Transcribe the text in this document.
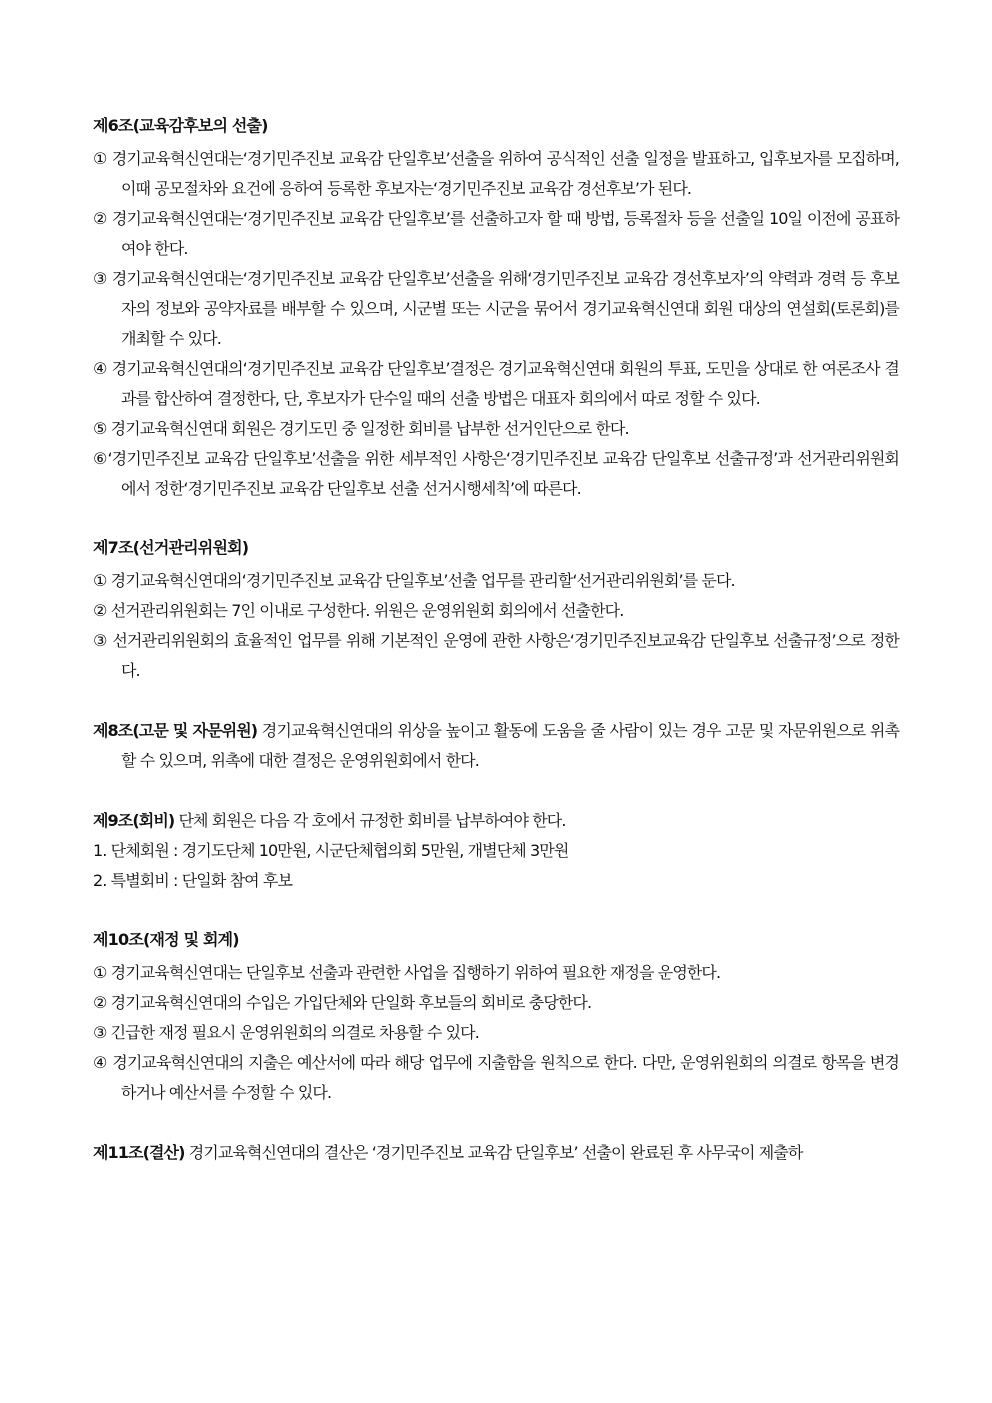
제6조(교육감후보의 선출)
① 경기교육혁신연대는‘경기민주진보 교육감 단일후보’선출을 위하여 공식적인 선출 일정을 발표하고, 입후보자를 모집하며, 이때 공모절차와 요건에 응하여 등록한 후보자는‘경기민주진보 교육감 경선후보’가 된다.
② 경기교육혁신연대는‘경기민주진보 교육감 단일후보’를 선출하고자 할 때 방법, 등록절차 등을 선출일 10일 이전에 공표하여야 한다.
③ 경기교육혁신연대는‘경기민주진보 교육감 단일후보’선출을 위해‘경기민주진보 교육감 경선후보자’의 약력과 경력 등 후보자의 정보와 공약자료를 배부할 수 있으며, 시군별 또는 시군을 묶어서 경기교육혁신연대 회원 대상의 연설회(토론회)를 개최할 수 있다.
④ 경기교육혁신연대의‘경기민주진보 교육감 단일후보’결정은 경기교육혁신연대 회원의 투표, 도민을 상대로 한 여론조사 결과를 합산하여 결정한다, 단, 후보자가 단수일 때의 선출 방법은 대표자 회의에서 따로 정할 수 있다.
⑤ 경기교육혁신연대 회원은 경기도민 중 일정한 회비를 납부한 선거인단으로 한다.
⑥‘경기민주진보 교육감 단일후보’선출을 위한 세부적인 사항은‘경기민주진보 교육감 단일후보 선출규정’과 선거관리위원회에서 정한‘경기민주진보 교육감 단일후보 선출 선거시행세칙’에 따른다.
제7조(선거관리위원회)
① 경기교육혁신연대의‘경기민주진보 교육감 단일후보’선출 업무를 관리할‘선거관리위원회’를 둔다.
② 선거관리위원회는 7인 이내로 구성한다. 위원은 운영위원회 회의에서 선출한다.
③ 선거관리위원회의 효율적인 업무를 위해 기본적인 운영에 관한 사항은‘경기민주진보교육감 단일후보 선출규정’으로 정한다.
제8조(고문 및 자문위원) 경기교육혁신연대의 위상을 높이고 활동에 도움을 줄 사람이 있는 경우 고문 및 자문위원으로 위촉할 수 있으며, 위촉에 대한 결정은 운영위원회에서 한다.
제9조(회비) 단체 회원은 다음 각 호에서 규정한 회비를 납부하여야 한다.
1. 단체회원 : 경기도단체 10만원, 시군단체협의회 5만원, 개별단체 3만원
2. 특별회비 : 단일화 참여 후보
제10조(재정 및 회계)
① 경기교육혁신연대는 단일후보 선출과 관련한 사업을 집행하기 위하여 필요한 재정을 운영한다.
② 경기교육혁신연대의 수입은 가입단체와 단일화 후보들의 회비로 충당한다.
③ 긴급한 재정 필요시 운영위원회의 의결로 차용할 수 있다.
④ 경기교육혁신연대의 지출은 예산서에 따라 해당 업무에 지출함을 원칙으로 한다. 다만, 운영위원회의 의결로 항목을 변경하거나 예산서를 수정할 수 있다.
제11조(결산) 경기교육혁신연대의 결산은 ‘경기민주진보 교육감 단일후보’ 선출이 완료된 후 사무국이 제출하
